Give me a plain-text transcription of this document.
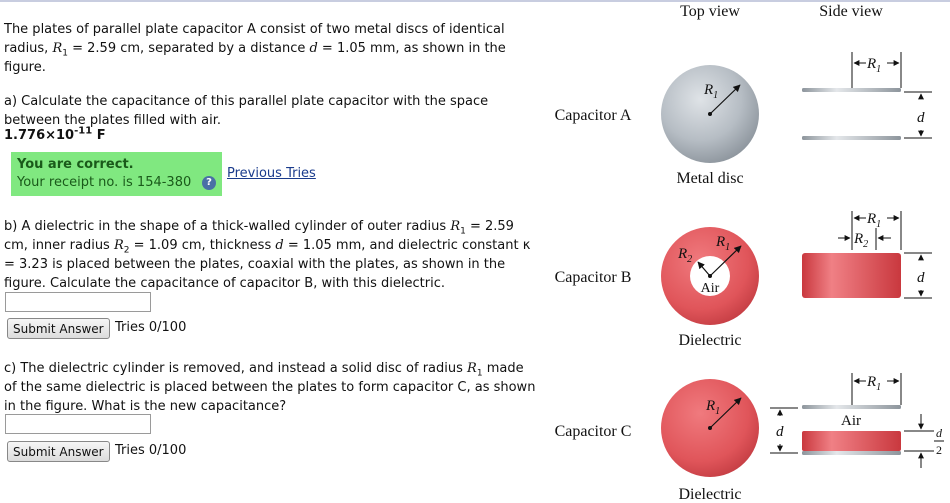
The plates of parallel plate capacitor A consist of two metal discs of identical radius, $R_1 = 2.59$ cm, separated by a distance d = 1.05 mm, as shown in the figure.
a) Calculate the capacitance of this parallel plate capacitor with the space between the plates filled with air.
$1.776\times 10^{-11}$ F
You are correct.
Your receipt no. is 154-380	?
Previous Tries
b) A dielectric in the shape of a thick-walled cylinder of outer radius $R_1 = 2.59$ cm, inner radius $R_2 = 1.09$ cm, thickness d = 1.05 mm, and dielectric constant κ = 3.23 is placed between the plates, coaxial with the plates, as shown in the figure. Calculate the capacitance of capacitor B, with this dielectric.
Submit Answer Tries 0/100
c) The dielectric cylinder is removed, and instead a solid disc of radius $R_1$ made of the same dielectric is placed between the plates to form capacitor C, as shown in the figure. What is the new capacitance?
Submit Answer Tries 0/100
Top view	Side view
Capacitor A
Capacitor B
Capacitor C
$R_1$
Metal disc
$R_1$
d
$R_1$
$R_2$
Air
Dielectric
$R_1$
$R_2$
d
$R_1$
Dielectric
$R_1$
Air
d	d
2
